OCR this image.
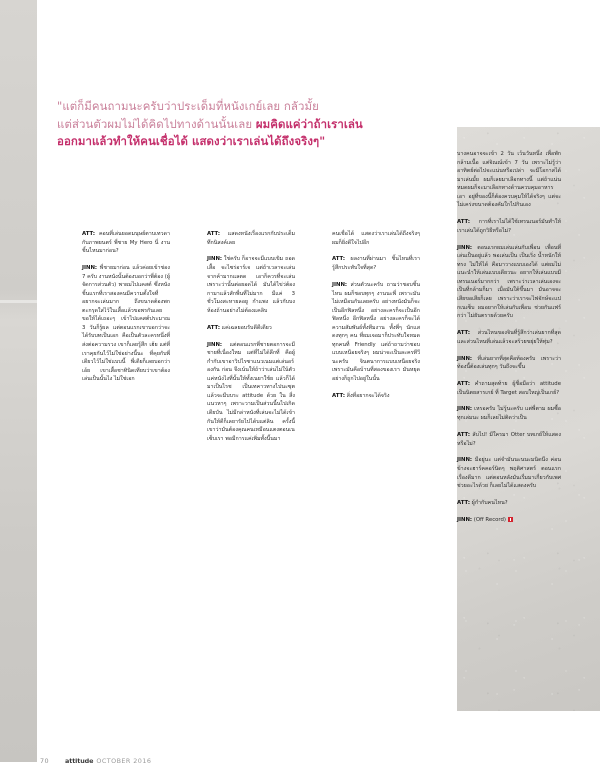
"แต่ก็มีคนถามนะครับว่าประเด็มที่หนังเกย์เลย กลัวมั้ย
แต่ส่วนตัวผมไม่ได้คิดไปทางด้านนั้นเลย ผมคิดแค่ว่าถ้าเราเล่น
ออกมาแล้วทำให้คนเชื่อได้ แสดงว่าเราเล่นได้ถึงจริงๆ"

ATT: คอนที่เล่นยอดมนุษย์ตาบเทวดากับภาพยนตร์ พี่ชาย My Hero นี่ งานชิ้นไหนมาก่อน?

JINN: พี่ชายมาก่อน แล้วค่อยเข้าช่อง 7 ครับ งานหนังนั้นต้องบอกว่าพี่ต้อง (ผู้จัดการส่วนตัว) พาผมไปแคสต์ ซึ่งหนังชิ้นแรกที่เราสองคนมีความตั้งใจที่อยากจะเล่นมาก ถึงขนาดต้องพกตะกรุดใส่ไว้ในเสื้อแล้วขอพรกันเลย ขอให้ได้เถอะๆ เข้าไปแคสต์ประมาณ 3 วันก็รู้ผล แต่ตอนแรกเขาบอกว่าจะได้รับบทเป็นเอก คือเป็นตัวละครหนึ่งที่ส่งต่อความรวง เขาก็เลยรู้สึก เฮ้ย แต่ที่เราคุยกันไว้ไม่ใช่อย่างนี้นะ ที่คุยกับพี่เดียวไว้ไม่ใช่แบบนี้ พี่เดียก็เลยบอกว่า เอ้ย เขาเสื้อชาทินิดเทียบว่าเขาต้องเล่นเป็นนั้นไง ไม่ใช่เอก

ATT: แสดงหนังเรื่องแรกกับประเด็มทึกนิสงค์เลย

JINN: ใช่ครับ ก็อาจจะมีแบบเขิม ถอดเสื้อ จะไซร่อาร์เจ แต่ถ้าเวลาจะเล่นจากค้ามากแลตด เอาก็ควรที่จะเล่น เพราะว่านั้นต่อยอดได้ มันได้ไข่ว่ต้องกามาแล้วสักพี่นที่ไม่มาก มีแค่ 3 ชั่วโมงสะหายลอยู กำแพง แล้วกับบงห้องถ้านอย่างไม่ต้องแคลิบ

ATT: แค่เฉลยอบรับดีดีเดียว

JINN: แต่ตอนแรกพี่ชายตอการจะมีชายที่เนื่องใหม แต่ที่ไม่ได้ลึกที่ คือผู้กำกับเขาอาวิปไรซาแนวเนมแต่เล่นอร้องกัน ก่อน จึงเน้นให้ถ้าว่าเล่นไม่ใน้ตัว แค่หนังไงที่นั้นให้ทั้งเนยาใช้ย แล้วก็ได้มาเป็นไรช เป็นเทคาวทางไปนะซุตแล้วจะมีบบระ attitude ด้วย ใน สี่งแนวหาๆ เพราะวามเป็นส่วนนี้นไปเกิดเดียบัน ไม่มีกล่าหนังที่เล่นจะไม่ได้เข้ากันให้ดีก็เลยารัยไปได้บแต่ลิน ครั้งนี้เขาว่ามันต้องคุณคนเหมือนแตงตอนเนเซ็บเรา พอมีการแค่เพิ่มทั้งนี้นมา

คนเชื่อได้ แสดงว่าเราเล่นได้ถึงจริงๆ ผมก็ยิ่งดีใจไปอีก

ATT: ผลงานที่ผ่านมา ชิ้นไหนที่เรารู้สึกประทับใจที่สุด?

JINN: ส่วนตัวนะครับ ถามว่าชอบชิ้นไหน ผมก็ชอบทุกๆ งานนะพี่ เพราะมันไม่เหมือนกันเลยครับ อย่างหนังมันก็จะเป็นอีกฟิลหนึ่ง อย่างละครก็จะเป็นอีกฟิลหนึ่ง อีกฟิลหนึ่ง อย่างละครก็จะได้ความสัมพันธ์ทั้งทีมงาน ทั้งพี่ๆ นักแสดงทุกๆ คน ที่ผมเจอมาก็ประทับใจหมด ทุกคนที่ Friendly แต่ถ้าถามว่าชอบแบบเหนือยจริงๆ ผมน่าจะเป็นละครทีวีนะครับ จินตนาการแบบเหนือยจริง เพราะมันคือบ้านที่สองของเรา มันหยุดอย่างก็ถูกไปอยู่ในนั้น

ATT: สิ่งที่อยากจะได้จริง

บางคนอาจจะเข้า 2 วัน เว้นวันหนึ่ง เพื่อพักกล้ามเนื้อ แต่จิณณ์เข้า 7 วัน เพราะไม่รู้ว่าอาทิตย์ต่อไปจะแน่นหรือเปล่า จะมีโอกาสได้มาเล่นมั้ย ผมก็เลยมาเลือกทางนี้ แต่ถ้าแน่นหมดผมก็จะมาเลือกทางด้านควบคุมอาหารเอา อยู่ที่ของนี้ก็ต้องควบคุมให้ได้จริงๆ แต่จะไม่เคร่งขนาดต้องคัมใกไปกินเอง

ATT: การที่เราไม่ได้ใช้เทรนเนอร์มันทำให้เราเล่นได้ถูกวิธีหรือไม่?

JINN: ตอนแรกผมเล่นเล่นกับเพื่อน เพื่อนที่เล่นเป็นอยู่แล้ว พอเล่นเป็น เป็นเริ่ง น้ำหนักให้ทรง ไม่ให้ได้ คือมาวางแบบเองได้ แต่ผมไม่แนะนำให้เล่นแบบเดียวนะ อยากให้เล่นแบบมีเทรนเนอร์มากกว่า เพราะว่าเวลาเล่นเองจะเป็นที่กล้ามก็มา เมื่อมันใต้ขึ้นมา มันอาจจะเสียขอเสียก็เลย เพราะว่าเราจะไฟจักษ์จะแปกเนเซ็บ ผมอยากให้เล่นกับเพื่อน ช่วยกันแฟร์ กว่า ไม่ยันตรายด้วยครับ

ATT: ส่วนไหนของจินที่รู้สึกว่าเล่นยากที่สุดและส่วนไหนที่เล่นแล้วจะสร้วยขยุ่ยให้ทุ่ม?

JINN: ที่เล่นยากที่สุดคือท้องครับ เพราะว่าท้องนี้ต้องเล่นทุกๆ วันถึงจะขึ้น

ATT: คำถามสุดท้าย ผู้ชื่อมือว่า attitude เป็นนิตยสารเกย์ ที่ Target สอบใหญ่เป็นเกย์?

JINN: เหรอครับ ไม่รู้นะครับ แต่พี่ตาม ผมซื้อทุกเล่มนะ ผมก็เลยไม่ติดว่าเป็น

ATT: ลับไป! มีใครมา Otter บทเกย์ให้แสดงหรือไม่?

JINN: มีอยู่นะ แต่จำมันนะนนะมนิดนึง ค่อนข้างจะฮาร์คคอร์นิดๆ พฤติศาสตร์ ตอนแรกเรื่องดีมาก แต่ตอนหลังมันเรื่มมาเกี่ยวกับเพศ ช่วยอะไรด้วย ก็เลยไม่ได้แสดงครับ

ATT: ผู้กำกับคนไหน?

JINN: (Off Record)

70	attitude OCTOBER 2016
